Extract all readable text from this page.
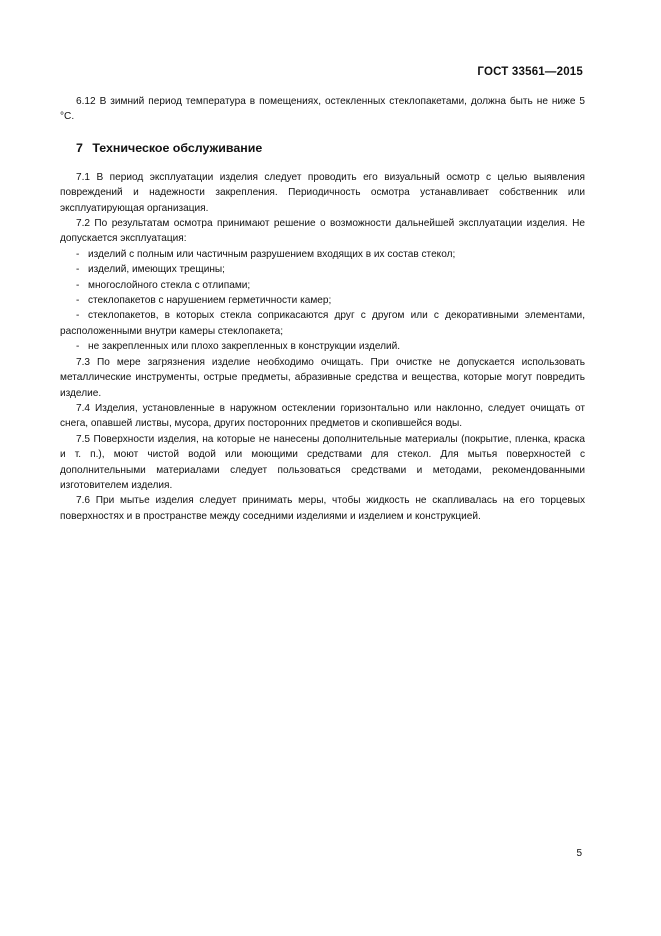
ГОСТ 33561—2015

6.12 В зимний период температура в помещениях, остекленных стеклопакетами, должна быть не ниже 5 °С.

7 Техническое обслуживание

7.1 В период эксплуатации изделия следует проводить его визуальный осмотр с целью выявления повреждений и надежности закрепления. Периодичность осмотра устанавливает собственник или эксплуатирующая организация.

7.2 По результатам осмотра принимают решение о возможности дальнейшей эксплуатации изделия. Не допускается эксплуатация:

- изделий с полным или частичным разрушением входящих в их состав стекол;

- изделий, имеющих трещины;

- многослойного стекла с отлипами;

- стеклопакетов с нарушением герметичности камер;

- стеклопакетов, в которых стекла соприкасаются друг с другом или с декоративными элементами, расположенными внутри камеры стеклопакета;

- не закрепленных или плохо закрепленных в конструкции изделий.

7.3 По мере загрязнения изделие необходимо очищать. При очистке не допускается использовать металлические инструменты, острые предметы, абразивные средства и вещества, которые могут повредить изделие.

7.4 Изделия, установленные в наружном остеклении горизонтально или наклонно, следует очищать от снега, опавшей листвы, мусора, других посторонних предметов и скопившейся воды.

7.5 Поверхности изделия, на которые не нанесены дополнительные материалы (покрытие, пленка, краска и т. п.), моют чистой водой или моющими средствами для стекол. Для мытья поверхностей с дополнительными материалами следует пользоваться средствами и методами, рекомендованными изготовителем изделия.

7.6 При мытье изделия следует принимать меры, чтобы жидкость не скапливалась на его торцевых поверхностях и в пространстве между соседними изделиями и изделием и конструкцией.

5
